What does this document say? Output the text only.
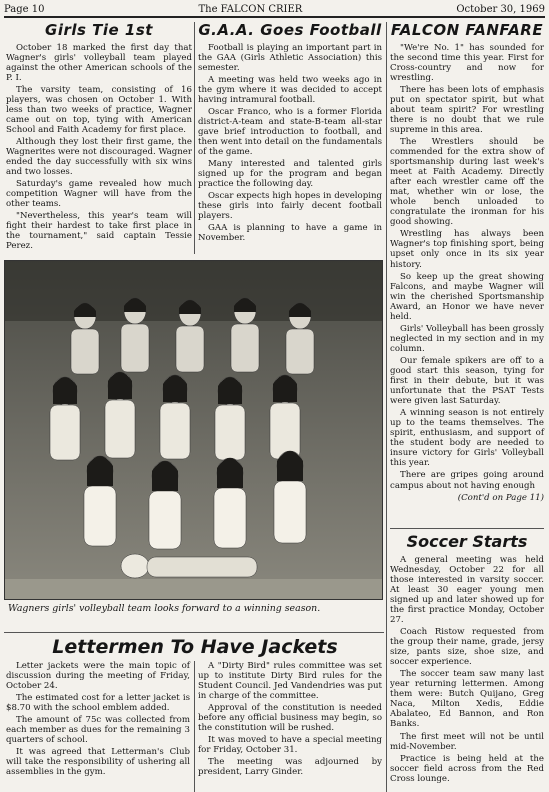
Page 10	The FALCON CRIER	October 30, 1969
Girls Tie 1st

October 18 marked the first day that Wagner's girls' volleyball team played against the other American schools of the P. I.

The varsity team, consisting of 16 players, was chosen on October 1. With less than two weeks of practice, Wagner came out on top, tying with American School and Faith Academy for first place.

Although they lost their first game, the Wagnerites were not discouraged. Wagner ended the day successfully with six wins and two losses.

Saturday's game revealed how much competition Wagner will have from the other teams.

"Nevertheless, this year's team will fight their hardest to take first place in the tournament," said captain Tessie Perez.

G.A.A. Goes Football

Football is playing an important part in the GAA (Girls Athletic Association) this semester.

A meeting was held two weeks ago in the gym where it was decided to accept having intramural football.

Oscar Franco, who is a former Florida district-A-team and state-B-team all-star gave brief introduction to football, and then went into detail on the fundamentals of the game.

Many interested and talented girls signed up for the program and began practice the following day.

Oscar expects high hopes in developing these girls into fairly decent football players.

GAA is planning to have a game in November.

FALCON FANFARE

"We're No. 1" has sounded for the second time this year. First for Cross-country and now for wrestling.

There has been lots of emphasis put on spectator spirit, but what about team spirit? For wrestling there is no doubt that we rule supreme in this area.

The Wrestlers should be commended for the extra show of sportsmanship during last week's meet at Faith Academy. Directly after each wrestler came off the mat, whether win or lose, the whole bench unloaded to congratulate the ironman for his good showing.

Wrestling has always been Wagner's top finishing sport, being upset only once in its six year history.

So keep up the great showing Falcons, and maybe Wagner will win the cherished Sportsmanship Award, an Honor we have never held.

Girls' Volleyball has been grossly neglected in my section and in my column.

Our female spikers are off to a good start this season, tying for first in their debute, but it was unfortunate that the PSAT Tests were given last Saturday.

A winning season is not entirely up to the teams themselves. The spirit, enthusiasm, and support of the student body are needed to insure victory for Girls' Volleyball this year.

There are gripes going around campus about not having enough

(Cont'd on Page 11)
Soccer Starts

A general meeting was held Wednesday, October 22 for all those interested in varsity soccer. At least 30 eager young men signed up and later showed up for the first practice Monday, October 27.

Coach Ristow requested from the group their name, grade, jersy size, pants size, shoe size, and soccer experience.

The soccer team saw many last year returning lettermen. Among them were: Butch Quijano, Greg Naca, Milton Xedis, Eddie Abalateo, Ed Bannon, and Ron Banks.

The first meet will not be until mid-November.

Practice is being held at the soccer field across from the Red Cross lounge.

Wagners girls' volleyball team looks forward to a winning season.
Lettermen To Have Jackets

Letter jackets were the main topic of discussion during the meeting of Friday, October 24.

The estimated cost for a letter jacket is $8.70 with the school emblem added.

The amount of 75c was collected from each member as dues for the remaining 3 quarters of school.

It was agreed that Letterman's Club will take the responsibility of ushering all assemblies in the gym.

A "Dirty Bird" rules committee was set up to institute Dirty Bird rules for the Student Council. Jed Vandendries was put in charge of the committee.

Approval of the constitution is needed before any official business may begin, so the constitution will be rushed.

It was moved to have a special meeting for Friday, October 31.

The meeting was adjourned by president, Larry Ginder.
